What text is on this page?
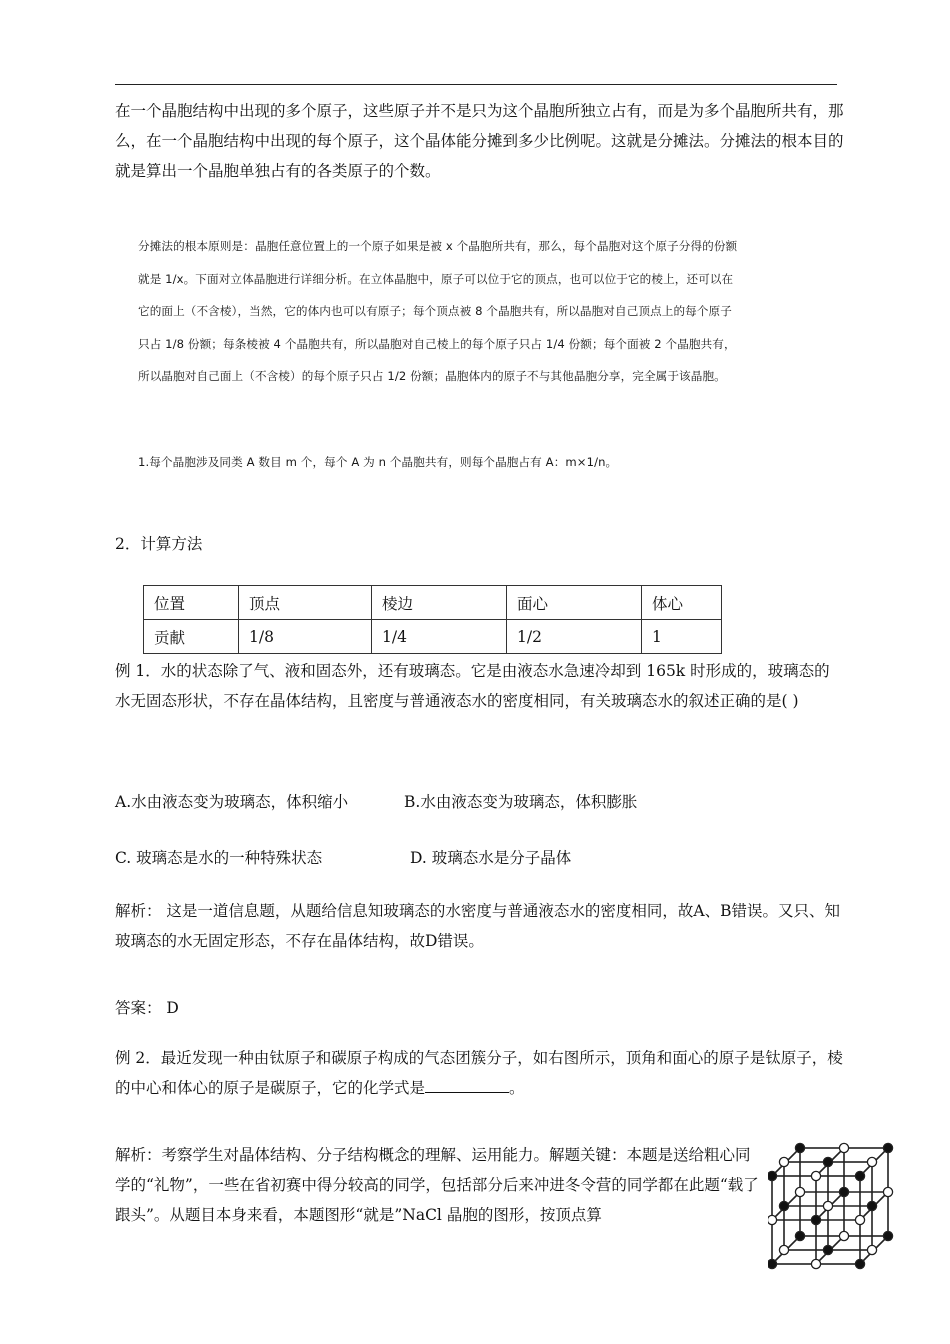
在一个晶胞结构中出现的多个原子，这些原子并不是只为这个晶胞所独立占有，而是为多个晶胞所共有，那么，在一个晶胞结构中出现的每个原子，这个晶体能分摊到多少比例呢。这就是分摊法。分摊法的根本目的就是算出一个晶胞单独占有的各类原子的个数。

分摊法的根本原则是：晶胞任意位置上的一个原子如果是被 x 个晶胞所共有，那么，每个晶胞对这个原子分得的份额就是 1/x。下面对立体晶胞进行详细分析。在立体晶胞中，原子可以位于它的顶点，也可以位于它的棱上，还可以在它的面上（不含棱），当然，它的体内也可以有原子；每个顶点被 8 个晶胞共有，所以晶胞对自己顶点上的每个原子只占 1/8 份额；每条棱被 4 个晶胞共有，所以晶胞对自己棱上的每个原子只占 1/4 份额；每个面被 2 个晶胞共有，所以晶胞对自己面上（不含棱）的每个原子只占 1/2 份额；晶胞体内的原子不与其他晶胞分享，完全属于该晶胞。

1.每个晶胞涉及同类 A 数目 m 个，每个 A 为 n 个晶胞共有，则每个晶胞占有 A：m×1/n。

2．计算方法
位置	顶点	棱边	面心	体心
贡献	1/8	1/4	1/2	1

例 1．水的状态除了气、液和固态外，还有玻璃态。它是由液态水急速冷却到 165k 时形成的，玻璃态的水无固态形状，不存在晶体结构，且密度与普通液态水的密度相同，有关玻璃态水的叙述正确的是( )

A.水由液态变为玻璃态，体积缩小	B.水由液态变为玻璃态，体积膨胀
C. 玻璃态是水的一种特殊状态	D. 玻璃态水是分子晶体

解析： 这是一道信息题，从题给信息知玻璃态的水密度与普通液态水的密度相同，故A、B错误。又只、知玻璃态的水无固定形态，不存在晶体结构，故D错误。

答案： D

例 2．最近发现一种由钛原子和碳原子构成的气态团簇分子，如右图所示，顶角和面心的原子是钛原子，棱的中心和体心的原子是碳原子，它的化学式是	。

解析：考察学生对晶体结构、分子结构概念的理解、运用能力。解题关键：本题是送给粗心同学的“礼物”，一些在省初赛中得分较高的同学，包括部分后来冲进冬令营的同学都在此题“载了跟头”。从题目本身来看，本题图形“就是”NaCl 晶胞的图形，按顶点算
